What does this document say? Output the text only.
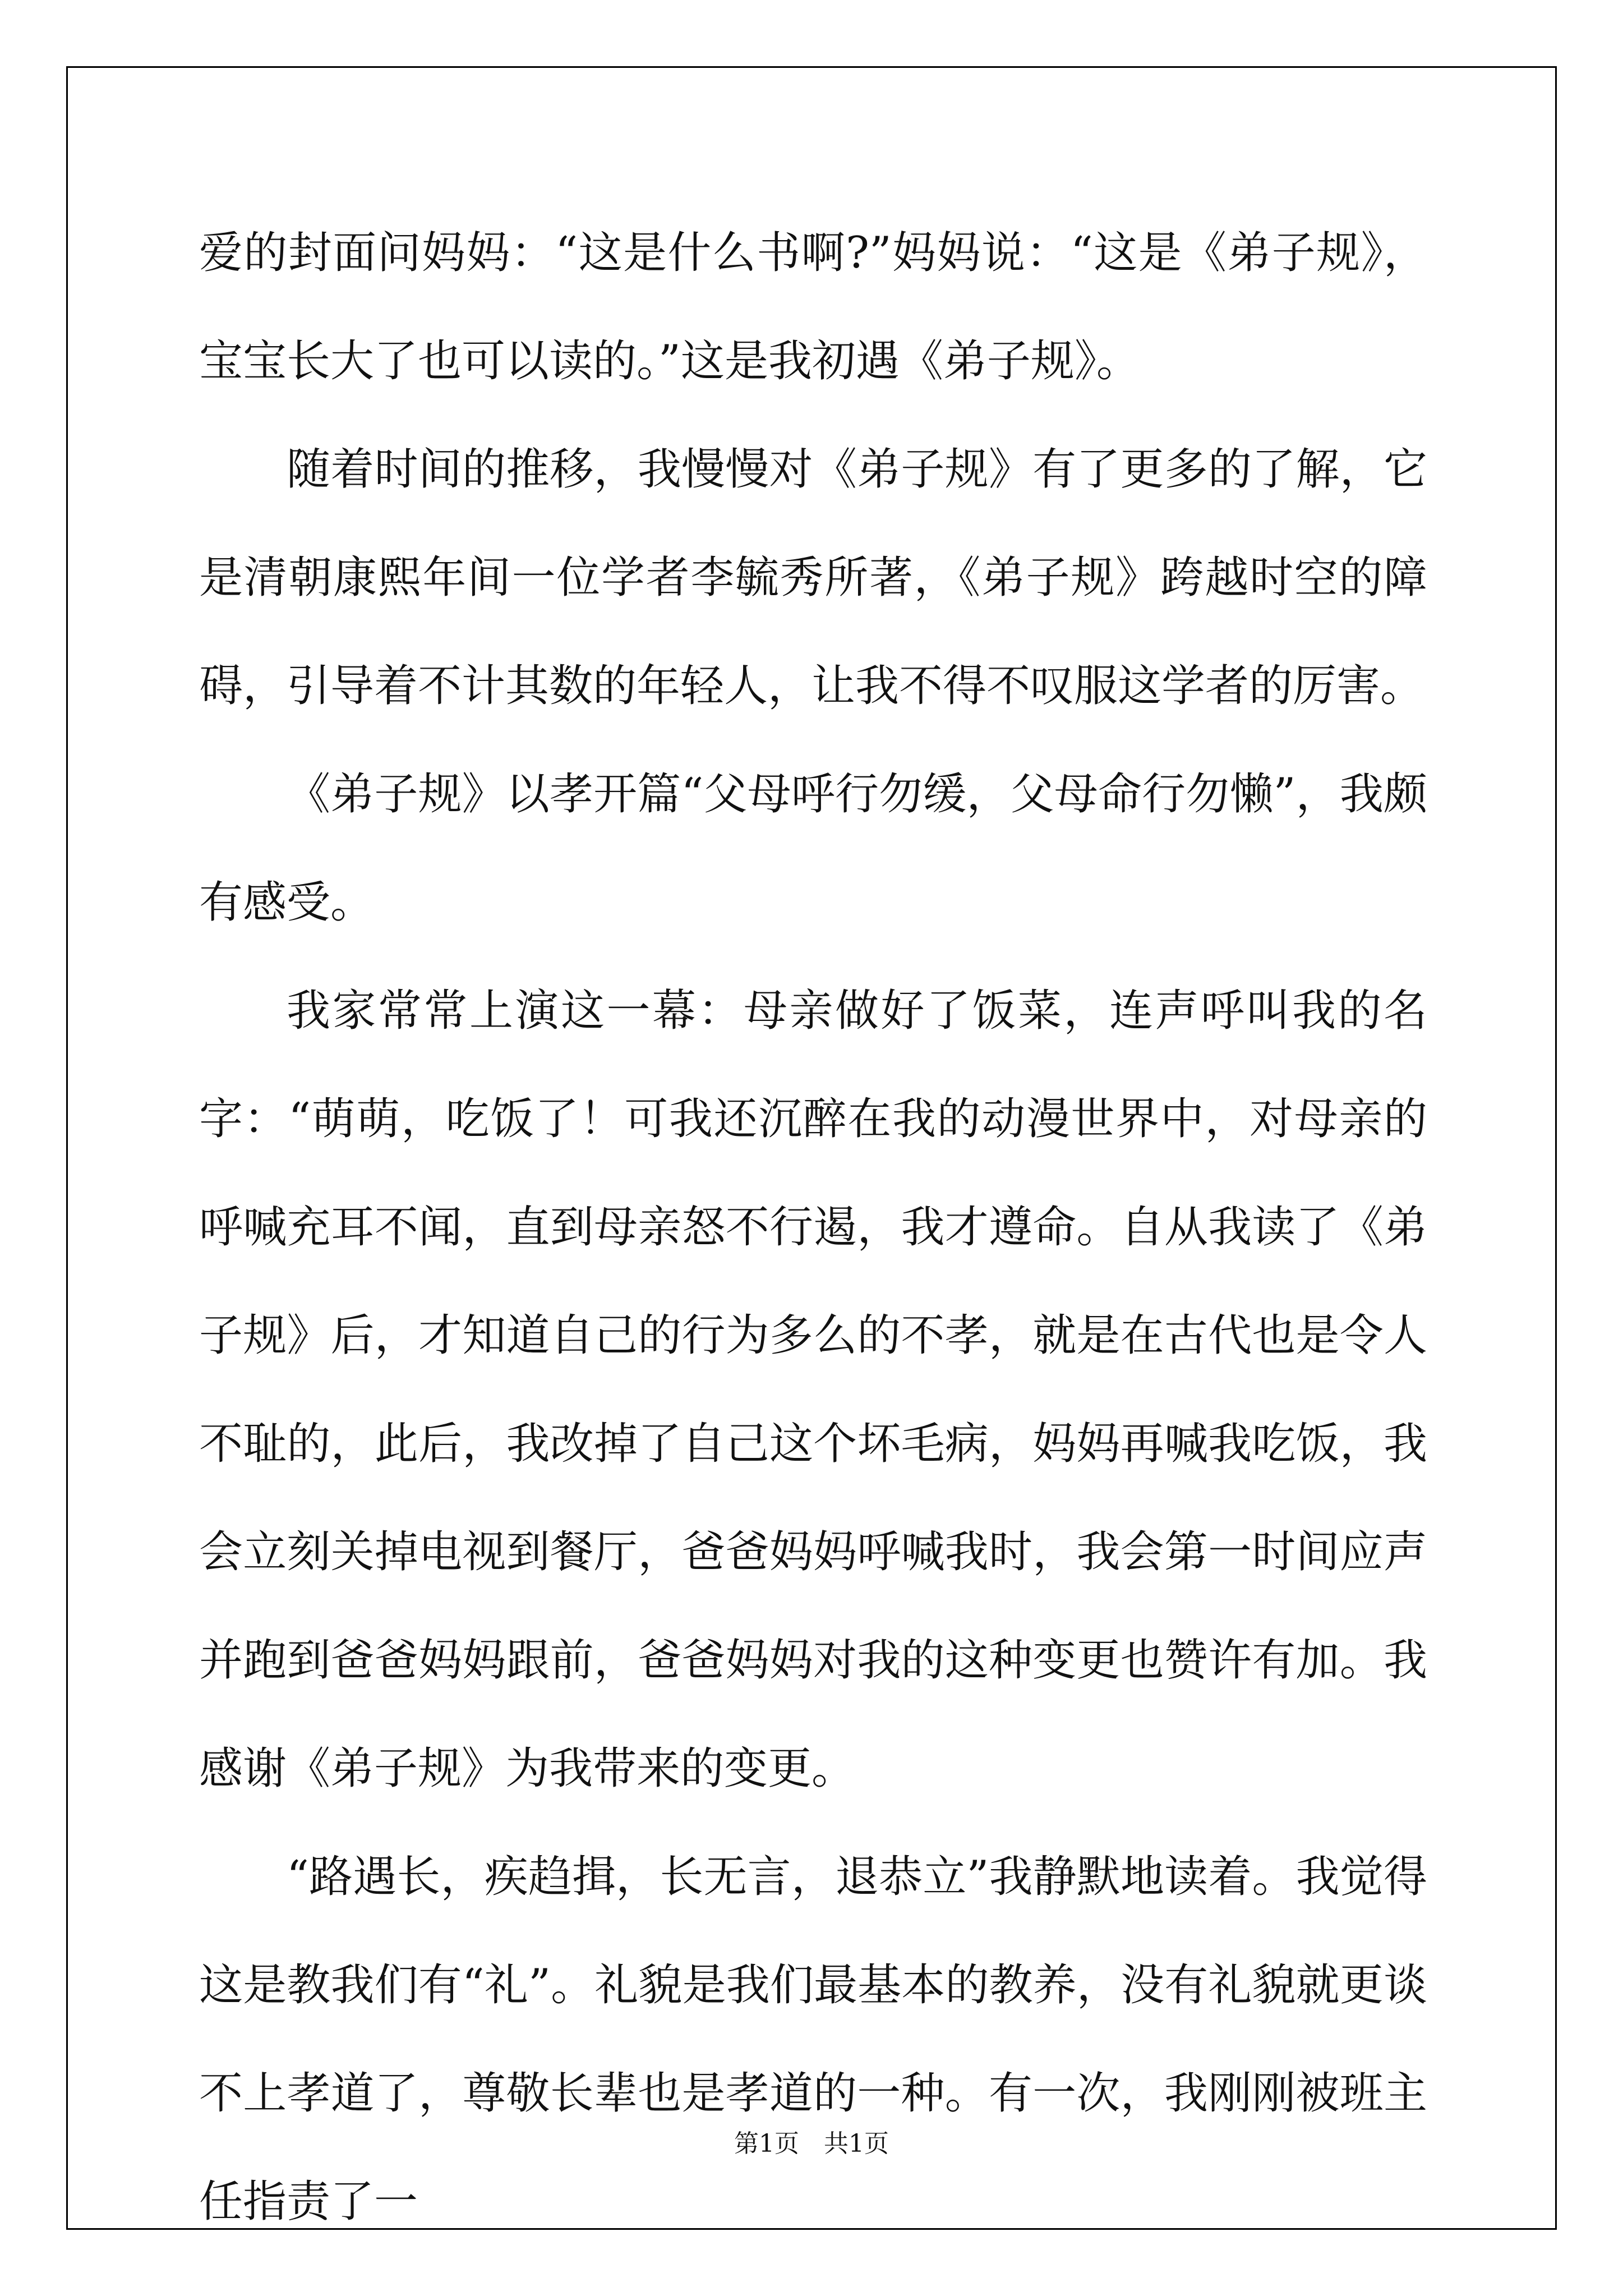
爱的封面问妈妈：“这是什么书啊?”妈妈说：“这是《弟子规》，宝宝长大了也可以读的。”这是我初遇《弟子规》。

随着时间的推移，我慢慢对《弟子规》有了更多的了解，它是清朝康熙年间一位学者李毓秀所著，《弟子规》跨越时空的障碍，引导着不计其数的年轻人，让我不得不叹服这学者的厉害。

《弟子规》以孝开篇“父母呼行勿缓，父母命行勿懒”，我颇有感受。

我家常常上演这一幕：母亲做好了饭菜，连声呼叫我的名字：“萌萌，吃饭了！可我还沉醉在我的动漫世界中，对母亲的呼喊充耳不闻，直到母亲怒不行遏，我才遵命。自从我读了《弟子规》后，才知道自己的行为多么的不孝，就是在古代也是令人不耻的，此后，我改掉了自己这个坏毛病，妈妈再喊我吃饭，我会立刻关掉电视到餐厅，爸爸妈妈呼喊我时，我会第一时间应声并跑到爸爸妈妈跟前，爸爸妈妈对我的这种变更也赞许有加。我感谢《弟子规》为我带来的变更。

“路遇长，疾趋揖，长无言，退恭立”我静默地读着。我觉得这是教我们有“礼”。礼貌是我们最基本的教养，没有礼貌就更谈不上孝道了，尊敬长辈也是孝道的一种。有一次，我刚刚被班主任指责了一

第1页　共1页
